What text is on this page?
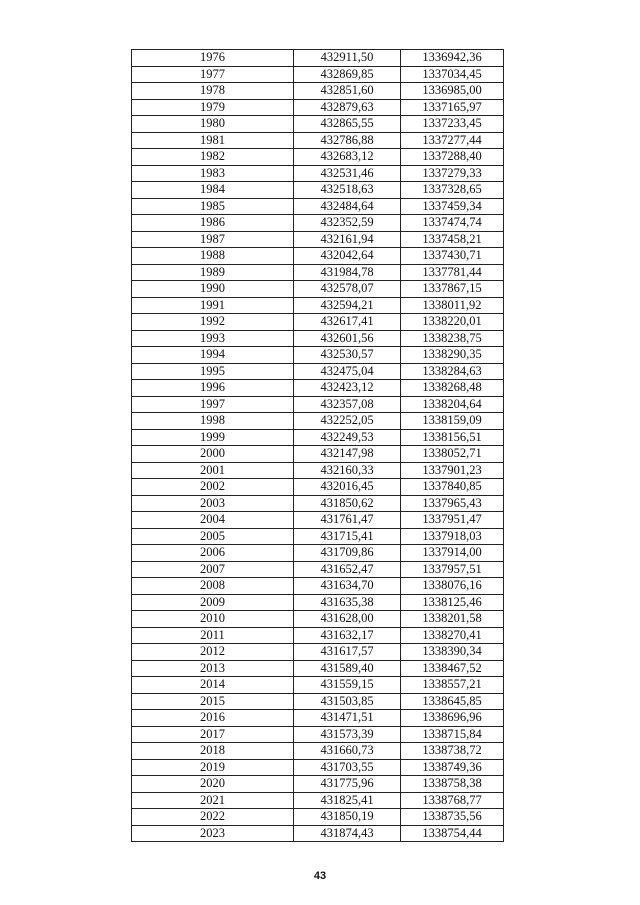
1976	432911,50	1336942,36
1977	432869,85	1337034,45
1978	432851,60	1336985,00
1979	432879,63	1337165,97
1980	432865,55	1337233,45
1981	432786,88	1337277,44
1982	432683,12	1337288,40
1983	432531,46	1337279,33
1984	432518,63	1337328,65
1985	432484,64	1337459,34
1986	432352,59	1337474,74
1987	432161,94	1337458,21
1988	432042,64	1337430,71
1989	431984,78	1337781,44
1990	432578,07	1337867,15
1991	432594,21	1338011,92
1992	432617,41	1338220,01
1993	432601,56	1338238,75
1994	432530,57	1338290,35
1995	432475,04	1338284,63
1996	432423,12	1338268,48
1997	432357,08	1338204,64
1998	432252,05	1338159,09
1999	432249,53	1338156,51
2000	432147,98	1338052,71
2001	432160,33	1337901,23
2002	432016,45	1337840,85
2003	431850,62	1337965,43
2004	431761,47	1337951,47
2005	431715,41	1337918,03
2006	431709,86	1337914,00
2007	431652,47	1337957,51
2008	431634,70	1338076,16
2009	431635,38	1338125,46
2010	431628,00	1338201,58
2011	431632,17	1338270,41
2012	431617,57	1338390,34
2013	431589,40	1338467,52
2014	431559,15	1338557,21
2015	431503,85	1338645,85
2016	431471,51	1338696,96
2017	431573,39	1338715,84
2018	431660,73	1338738,72
2019	431703,55	1338749,36
2020	431775,96	1338758,38
2021	431825,41	1338768,77
2022	431850,19	1338735,56
2023	431874,43	1338754,44
43
